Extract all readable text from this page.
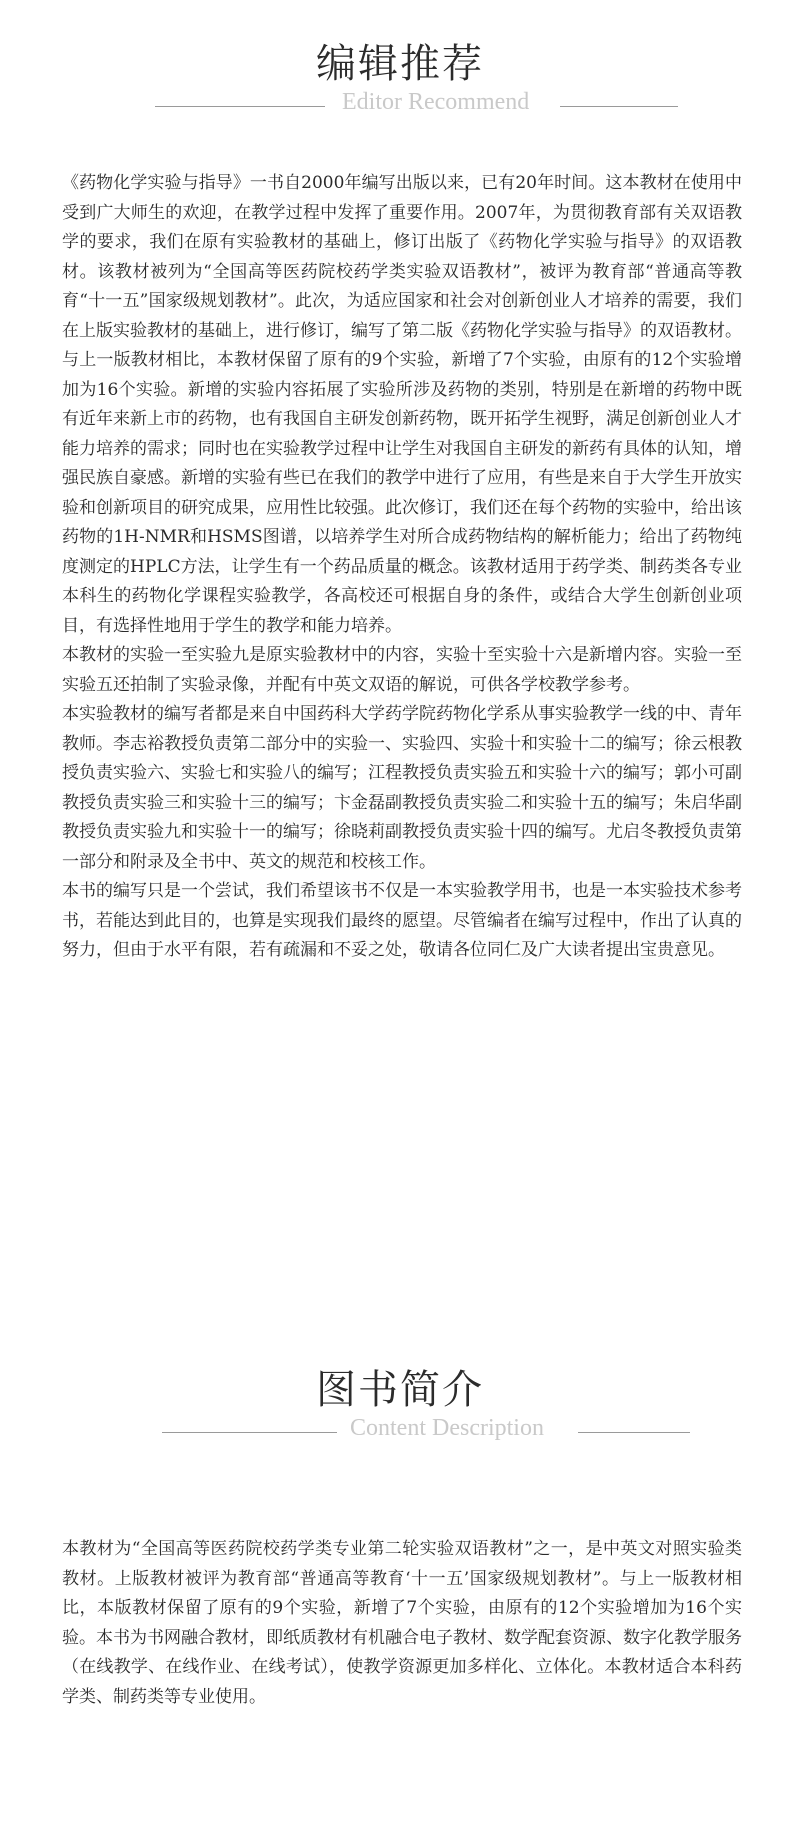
编辑推荐
Editor Recommend

《药物化学实验与指导》一书自2000年编写出版以来，已有20年时间。这本教材在使用中受到广大师生的欢迎，在教学过程中发挥了重要作用。2007年，为贯彻教育部有关双语教学的要求，我们在原有实验教材的基础上，修订出版了《药物化学实验与指导》的双语教材。该教材被列为“全国高等医药院校药学类实验双语教材”，被评为教育部“普通高等教育“十一五”国家级规划教材”。此次，为适应国家和社会对创新创业人才培养的需要，我们在上版实验教材的基础上，进行修订，编写了第二版《药物化学实验与指导》的双语教材。

与上一版教材相比，本教材保留了原有的9个实验，新增了7个实验，由原有的12个实验增加为16个实验。新增的实验内容拓展了实验所涉及药物的类别，特别是在新增的药物中既有近年来新上市的药物，也有我国自主研发创新药物，既开拓学生视野，满足创新创业人才能力培养的需求；同时也在实验教学过程中让学生对我国自主研发的新药有具体的认知，增强民族自豪感。新增的实验有些已在我们的教学中进行了应用，有些是来自于大学生开放实验和创新项目的研究成果，应用性比较强。此次修订，我们还在每个药物的实验中，给出该药物的1H-NMR和HSMS图谱，以培养学生对所合成药物结构的解析能力；给出了药物纯度测定的HPLC方法，让学生有一个药品质量的概念。该教材适用于药学类、制药类各专业本科生的药物化学课程实验教学，各高校还可根据自身的条件，或结合大学生创新创业项目，有选择性地用于学生的教学和能力培养。

本教材的实验一至实验九是原实验教材中的内容，实验十至实验十六是新增内容。实验一至实验五还拍制了实验录像，并配有中英文双语的解说，可供各学校教学参考。

本实验教材的编写者都是来自中国药科大学药学院药物化学系从事实验教学一线的中、青年教师。李志裕教授负责第二部分中的实验一、实验四、实验十和实验十二的编写；徐云根教授负责实验六、实验七和实验八的编写；江程教授负责实验五和实验十六的编写；郭小可副教授负责实验三和实验十三的编写；卞金磊副教授负责实验二和实验十五的编写；朱启华副教授负责实验九和实验十一的编写；徐晓莉副教授负责实验十四的编写。尤启冬教授负责第一部分和附录及全书中、英文的规范和校核工作。

本书的编写只是一个尝试，我们希望该书不仅是一本实验教学用书，也是一本实验技术参考书，若能达到此目的，也算是实现我们最终的愿望。尽管编者在编写过程中，作出了认真的努力，但由于水平有限，若有疏漏和不妥之处，敬请各位同仁及广大读者提出宝贵意见。

图书简介
Content Description

本教材为“全国高等医药院校药学类专业第二轮实验双语教材”之一，是中英文对照实验类教材。上版教材被评为教育部“普通高等教育‘十一五’国家级规划教材”。与上一版教材相比，本版教材保留了原有的9个实验，新增了7个实验，由原有的12个实验增加为16个实验。本书为书网融合教材，即纸质教材有机融合电子教材、数学配套资源、数字化教学服务（在线教学、在线作业、在线考试），使教学资源更加多样化、立体化。本教材适合本科药学类、制药类等专业使用。
